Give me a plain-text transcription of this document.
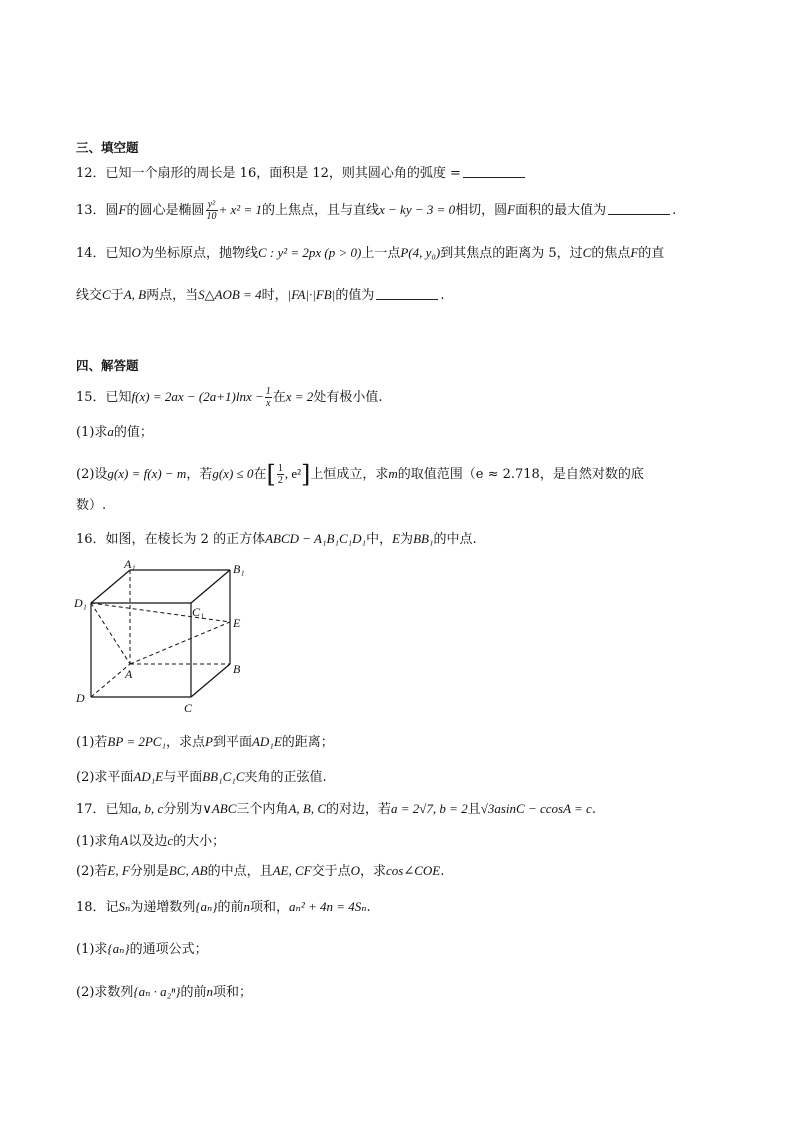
三、填空题
12．已知一个扇形的周长是 16，面积是 12，则其圆心角的弧度 =
13．圆F的圆心是椭圆 $\frac{\text{y²}}{10} + x^2 = 1$的上焦点，且与直线x − ky − 3 = 0相切，圆F面积的最大值为	.
14．已知O为坐标原点，抛物线C : y² = 2px (p > 0)上一点P(4, y₀)到其焦点的距离为 5，过C的焦点F的直
线交C于A, B两点，当S△AOB = 4时，|FA|·|FB|的值为	.
四、解答题
15．已知$f(x) = 2ax - (2a+1)\ln x - \frac{1}{x}$ 在x = 2处有极小值.
(1)求a的值；
(2)设g(x) = f(x) − m，若g(x) ≤ 0在[ $\frac{1}{2}$ , e²]上恒成立，求m的取值范围（e ≈ 2.718，是自然对数的底
数）.
16．如图，在棱长为 2 的正方体ABCD − A₁B₁C₁D₁中，E为BB₁的中点.
A₁	B₁
C₁
D₁
E
A	B
C
D
(1)若BP = 2PC₁，求点P到平面AD₁E的距离；
(2)求平面AD₁E与平面BB₁C₁C夹角的正弦值.
17．已知a, b, c分别为∨ABC三个内角A, B, C的对边，若a = 2√7, b = 2且√3asinC − ccosA = c.
(1)求角A以及边c的大小；
(2)若E, F分别是BC, AB的中点，且AE, CF交于点O，求cos∠COE.
18．记Sₙ为递增数列{aₙ}的前n项和，aₙ² + 4n = 4Sₙ.
(1)求{aₙ}的通项公式；
(2)求数列{aₙ · a₂ⁿ}的前n项和；
